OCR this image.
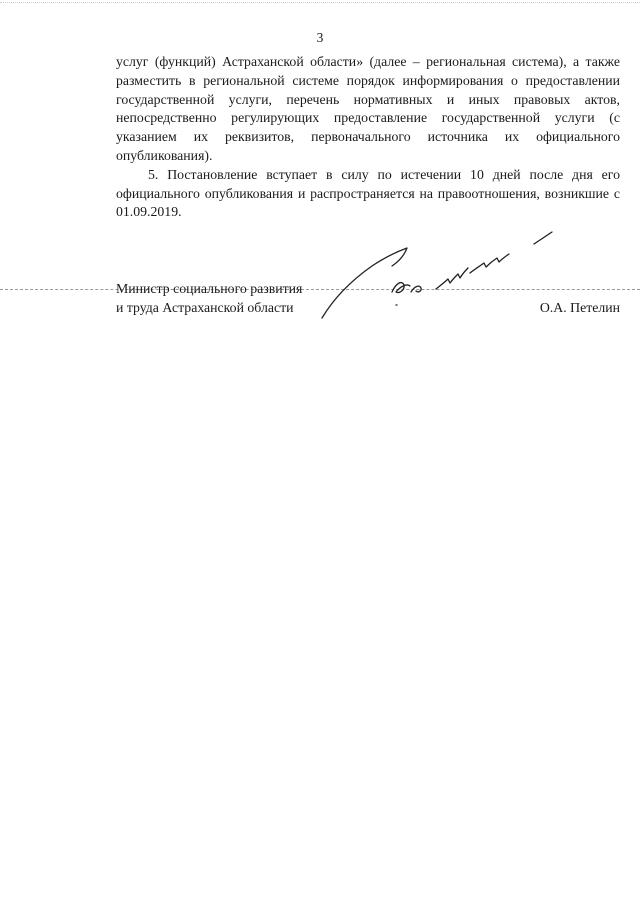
3

услуг (функций) Астраханской области» (далее – региональная система), а также разместить в региональной системе порядок информирования о предоставлении государственной услуги, перечень нормативных и иных правовых актов, непосредственно регулирующих предоставление государственной услуги (с указанием их реквизитов, первоначального источника их официального опубликования).

5. Постановление вступает в силу по истечении 10 дней после дня его официального опубликования и распространяется на правоотношения, возникшие с 01.09.2019.

Министр социального развития
и труда Астраханской области	О.А. Петелин
